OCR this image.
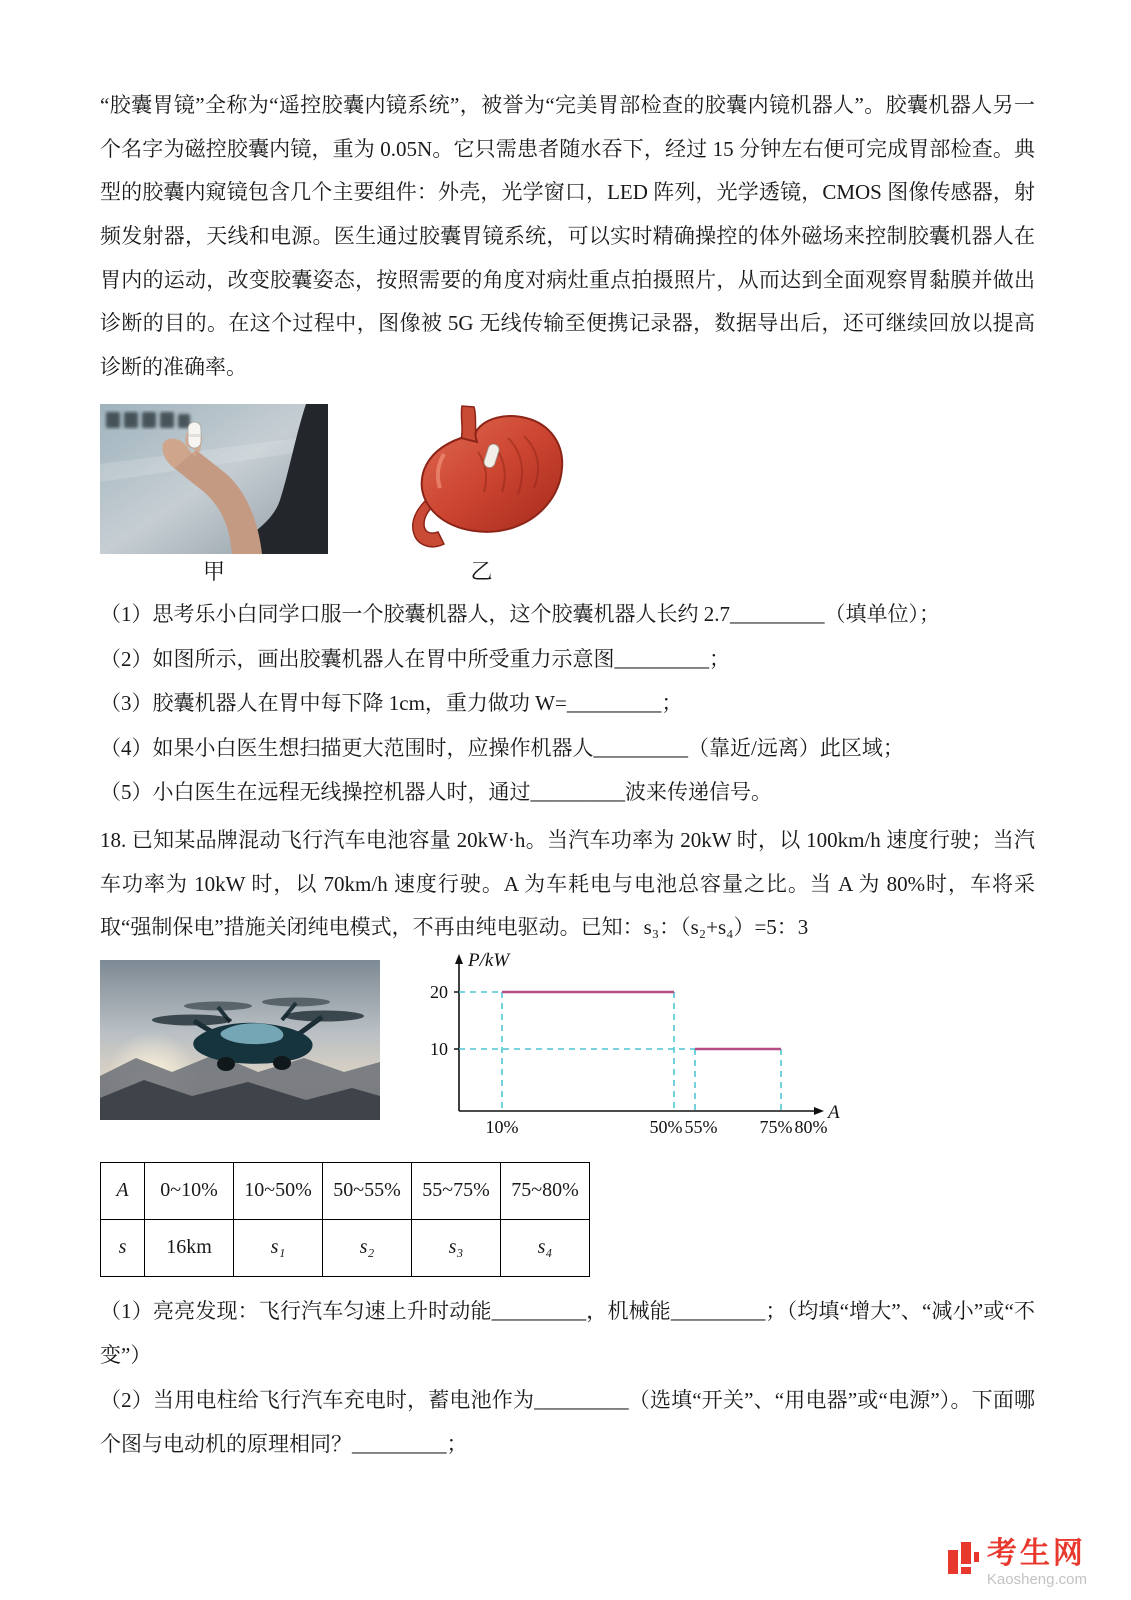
“胶囊胃镜”全称为“遥控胶囊内镜系统”，被誉为“完美胃部检查的胶囊内镜机器人”。胶囊机器人另一个名字为磁控胶囊内镜，重为 0.05N。它只需患者随水吞下，经过 15 分钟左右便可完成胃部检查。典型的胶囊内窥镜包含几个主要组件：外壳，光学窗口，LED 阵列，光学透镜，CMOS 图像传感器，射频发射器，天线和电源。医生通过胶囊胃镜系统，可以实时精确操控的体外磁场来控制胶囊机器人在胃内的运动，改变胶囊姿态，按照需要的角度对病灶重点拍摄照片，从而达到全面观察胃黏膜并做出诊断的目的。在这个过程中，图像被 5G 无线传输至便携记录器，数据导出后，还可继续回放以提高诊断的准确率。

甲	乙

（1）思考乐小白同学口服一个胶囊机器人，这个胶囊机器人长约 2.7_________（填单位）；

（2）如图所示，画出胶囊机器人在胃中所受重力示意图_________；

（3）胶囊机器人在胃中每下降 1cm，重力做功 W=_________；

（4）如果小白医生想扫描更大范围时，应操作机器人_________（靠近/远离）此区域；

（5）小白医生在远程无线操控机器人时，通过_________波来传递信号。

18. 已知某品牌混动飞行汽车电池容量 20kW·h。当汽车功率为 20kW 时，以 100km/h 速度行驶；当汽车功率为 10kW 时，以 70km/h 速度行驶。A 为车耗电与电池总容量之比。当 A 为 80%时，车将采取“强制保电”措施关闭纯电模式，不再由纯电驱动。已知：s₃：（s₂+s₄）=5：3

P/kW
A
20
10
10%	50% 55% 75% 80%
A	0~10%	10~50%	50~55%	55~75%	75~80%
s	16km	s₁	s₂	s₃	s₄

（1）亮亮发现：飞行汽车匀速上升时动能_________，机械能_________；（均填“增大”、“减小”或“不变”）

（2）当用电柱给飞行汽车充电时，蓄电池作为_________（选填“开关”、“用电器”或“电源”）。下面哪个图与电动机的原理相同？_________；

考生网
Kaosheng.com
